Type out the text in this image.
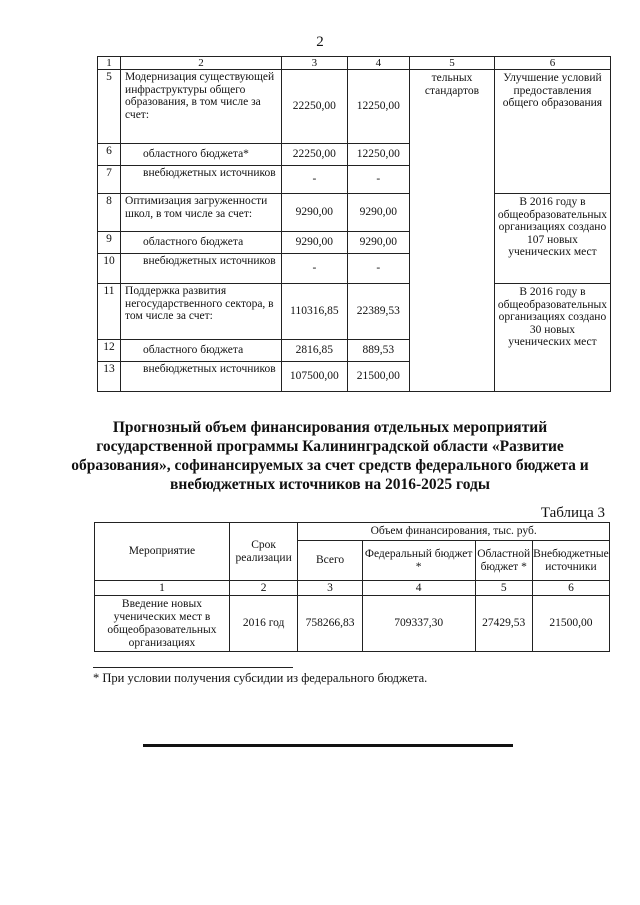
2
1	2	3	4	5	6
5	Модернизация существующей инфраструктуры общего образования, в том числе за счет:	22250,00	12250,00	тельных стандартов	Улучшение условий предоставления общего образования
6	областного бюджета*	22250,00	12250,00		
7	внебюджетных источников	-	-		
8	Оптимизация загруженности школ, в том числе за счет:	9290,00	9290,00		В 2016 году в общеобразовательных организациях создано 107 новых ученических мест
9	областного бюджета	9290,00	9290,00		
10	внебюджетных источников	-	-		
11	Поддержка развития негосударственного сектора, в том числе за счет:	110316,85	22389,53		В 2016 году в общеобразовательных организациях создано 30 новых ученических мест
12	областного бюджета	2816,85	889,53		
13	внебюджетных источников	107500,00	21500,00		
Прогнозный объем финансирования отдельных мероприятий государственной программы Калининградской области «Развитие образования», софинансируемых за счет средств федерального бюджета и внебюджетных источников на 2016-2025 годы
Таблица 3
Мероприятие	Срок реализации	Объем финансирования, тыс. руб.			
		Всего	Федеральный бюджет *	Областной бюджет *	Внебюджетные источники
1	2	3	4	5	6
Введение новых ученических мест в общеобразовательных организациях	2016 год	758266,83	709337,30	27429,53	21500,00
* При условии получения субсидии из федерального бюджета.
